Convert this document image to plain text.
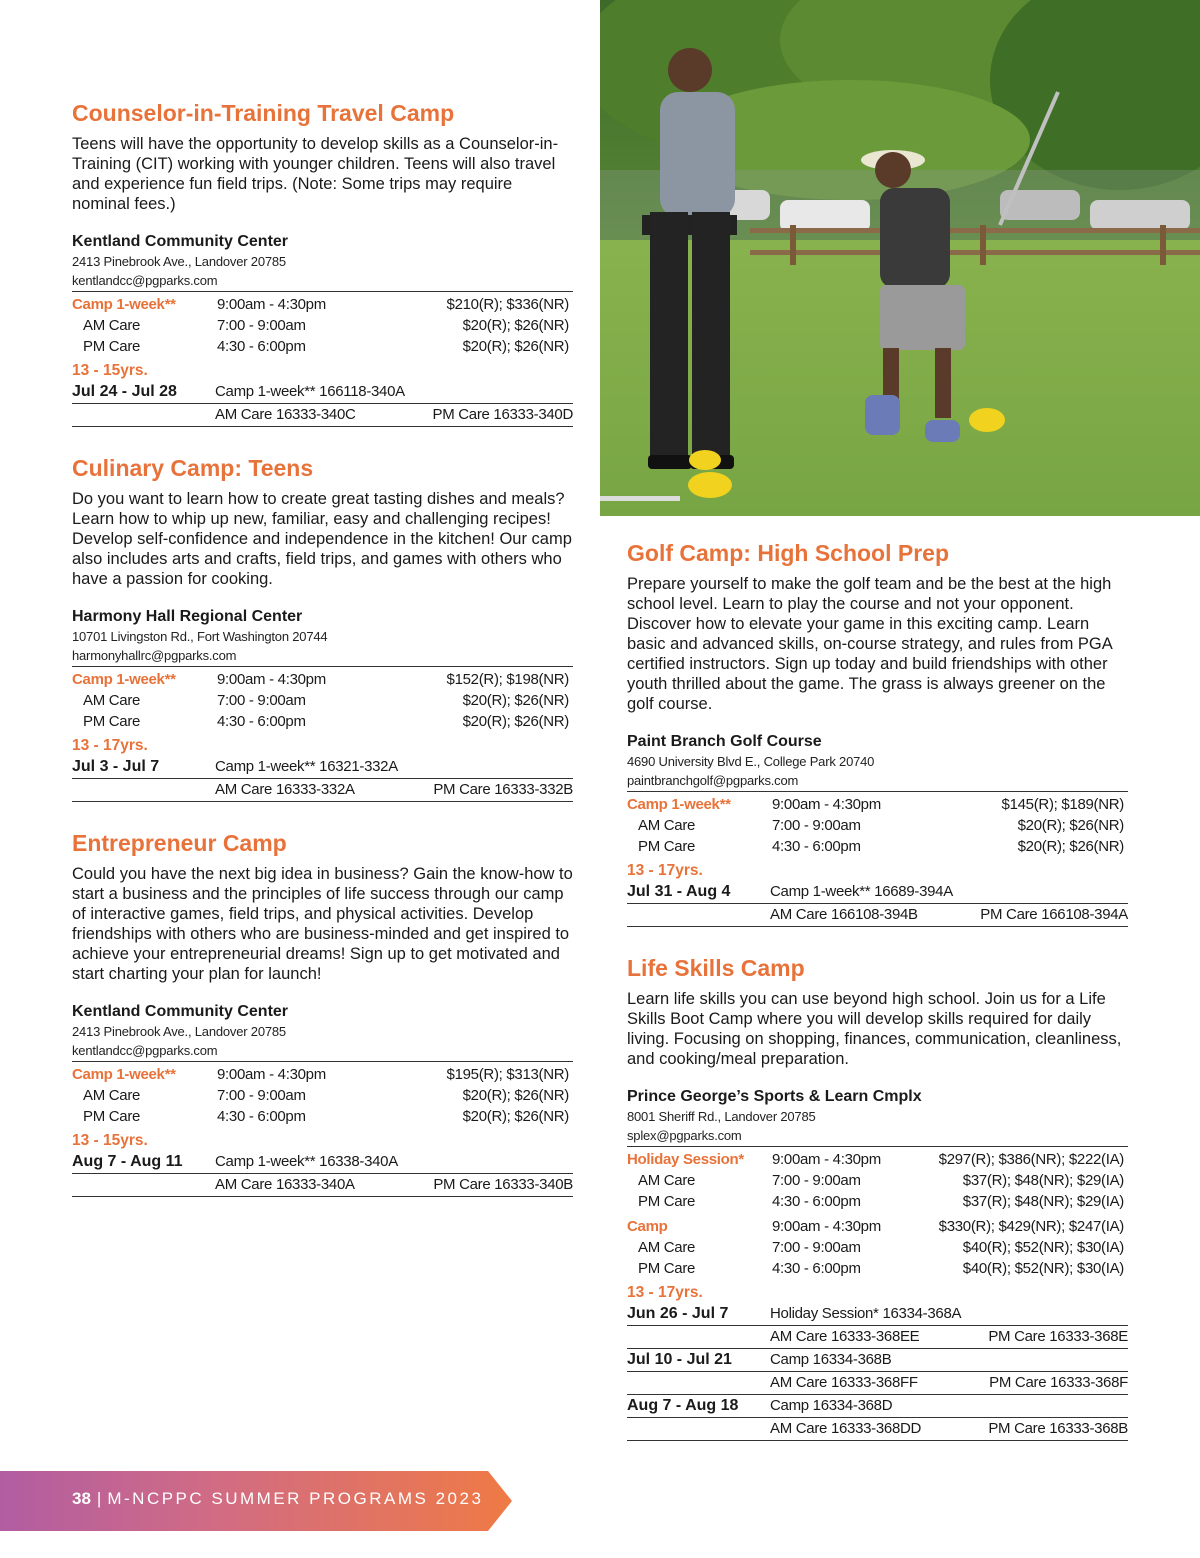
Counselor-in-Training Travel Camp

Teens will have the opportunity to develop skills as a Counselor-in-Training (CIT) working with younger children. Teens will also travel and experience fun field trips. (Note: Some trips may require nominal fees.)

Kentland Community Center
2413 Pinebrook Ave., Landover 20785
kentlandcc@pgparks.com
Camp 1-week**	9:00am - 4:30pm	$210(R); $336(NR)
AM Care	7:00 - 9:00am	$20(R); $26(NR)
PM Care	4:30 - 6:00pm	$20(R); $26(NR)
13 - 15yrs.
Jul 24 - Jul 28	Camp 1-week** 166118-340A
AM Care 16333-340C	PM Care 16333-340D
Culinary Camp: Teens

Do you want to learn how to create great tasting dishes and meals? Learn how to whip up new, familiar, easy and challenging recipes! Develop self-confidence and independence in the kitchen! Our camp also includes arts and crafts, field trips, and games with others who have a passion for cooking.

Harmony Hall Regional Center
10701 Livingston Rd., Fort Washington 20744
harmonyhallrc@pgparks.com
Camp 1-week**	9:00am - 4:30pm	$152(R); $198(NR)
AM Care	7:00 - 9:00am	$20(R); $26(NR)
PM Care	4:30 - 6:00pm	$20(R); $26(NR)
13 - 17yrs.
Jul 3 - Jul 7	Camp 1-week** 16321-332A
AM Care 16333-332A	PM Care 16333-332B
Entrepreneur Camp

Could you have the next big idea in business? Gain the know-how to start a business and the principles of life success through our camp of interactive games, field trips, and physical activities. Develop friendships with others who are business-minded and get inspired to achieve your entrepreneurial dreams! Sign up to get motivated and start charting your plan for launch!

Kentland Community Center
2413 Pinebrook Ave., Landover 20785
kentlandcc@pgparks.com
Camp 1-week**	9:00am - 4:30pm	$195(R); $313(NR)
AM Care	7:00 - 9:00am	$20(R); $26(NR)
PM Care	4:30 - 6:00pm	$20(R); $26(NR)
13 - 15yrs.
Aug 7 - Aug 11	Camp 1-week** 16338-340A
AM Care 16333-340A	PM Care 16333-340B
Golf Camp: High School Prep

Prepare yourself to make the golf team and be the best at the high school level. Learn to play the course and not your opponent. Discover how to elevate your game in this exciting camp. Learn basic and advanced skills, on-course strategy, and rules from PGA certified instructors. Sign up today and build friendships with other youth thrilled about the game. The grass is always greener on the golf course.

Paint Branch Golf Course
4690 University Blvd E., College Park 20740
paintbranchgolf@pgparks.com
Camp 1-week**	9:00am - 4:30pm	$145(R); $189(NR)
AM Care	7:00 - 9:00am	$20(R); $26(NR)
PM Care	4:30 - 6:00pm	$20(R); $26(NR)
13 - 17yrs.
Jul 31 - Aug 4	Camp 1-week** 16689-394A
AM Care 166108-394B	PM Care 166108-394A
Life Skills Camp

Learn life skills you can use beyond high school. Join us for a Life Skills Boot Camp where you will develop skills required for daily living. Focusing on shopping, finances, communication, cleanliness, and cooking/meal preparation.

Prince George’s Sports & Learn Cmplx
8001 Sheriff Rd., Landover 20785
splex@pgparks.com
Holiday Session*	9:00am - 4:30pm	$297(R); $386(NR); $222(IA)
AM Care	7:00 - 9:00am	$37(R); $48(NR); $29(IA)
PM Care	4:30 - 6:00pm	$37(R); $48(NR); $29(IA)
Camp	9:00am - 4:30pm	$330(R); $429(NR); $247(IA)
AM Care	7:00 - 9:00am	$40(R); $52(NR); $30(IA)
PM Care	4:30 - 6:00pm	$40(R); $52(NR); $30(IA)
13 - 17yrs.
Jun 26 - Jul 7	Holiday Session* 16334-368A
AM Care 16333-368EE	PM Care 16333-368E
Jul 10 - Jul 21	Camp 16334-368B
AM Care 16333-368FF	PM Care 16333-368F
Aug 7 - Aug 18	Camp 16334-368D
AM Care 16333-368DD	PM Care 16333-368B
38 | M-NCPPC SUMMER PROGRAMS 2023
